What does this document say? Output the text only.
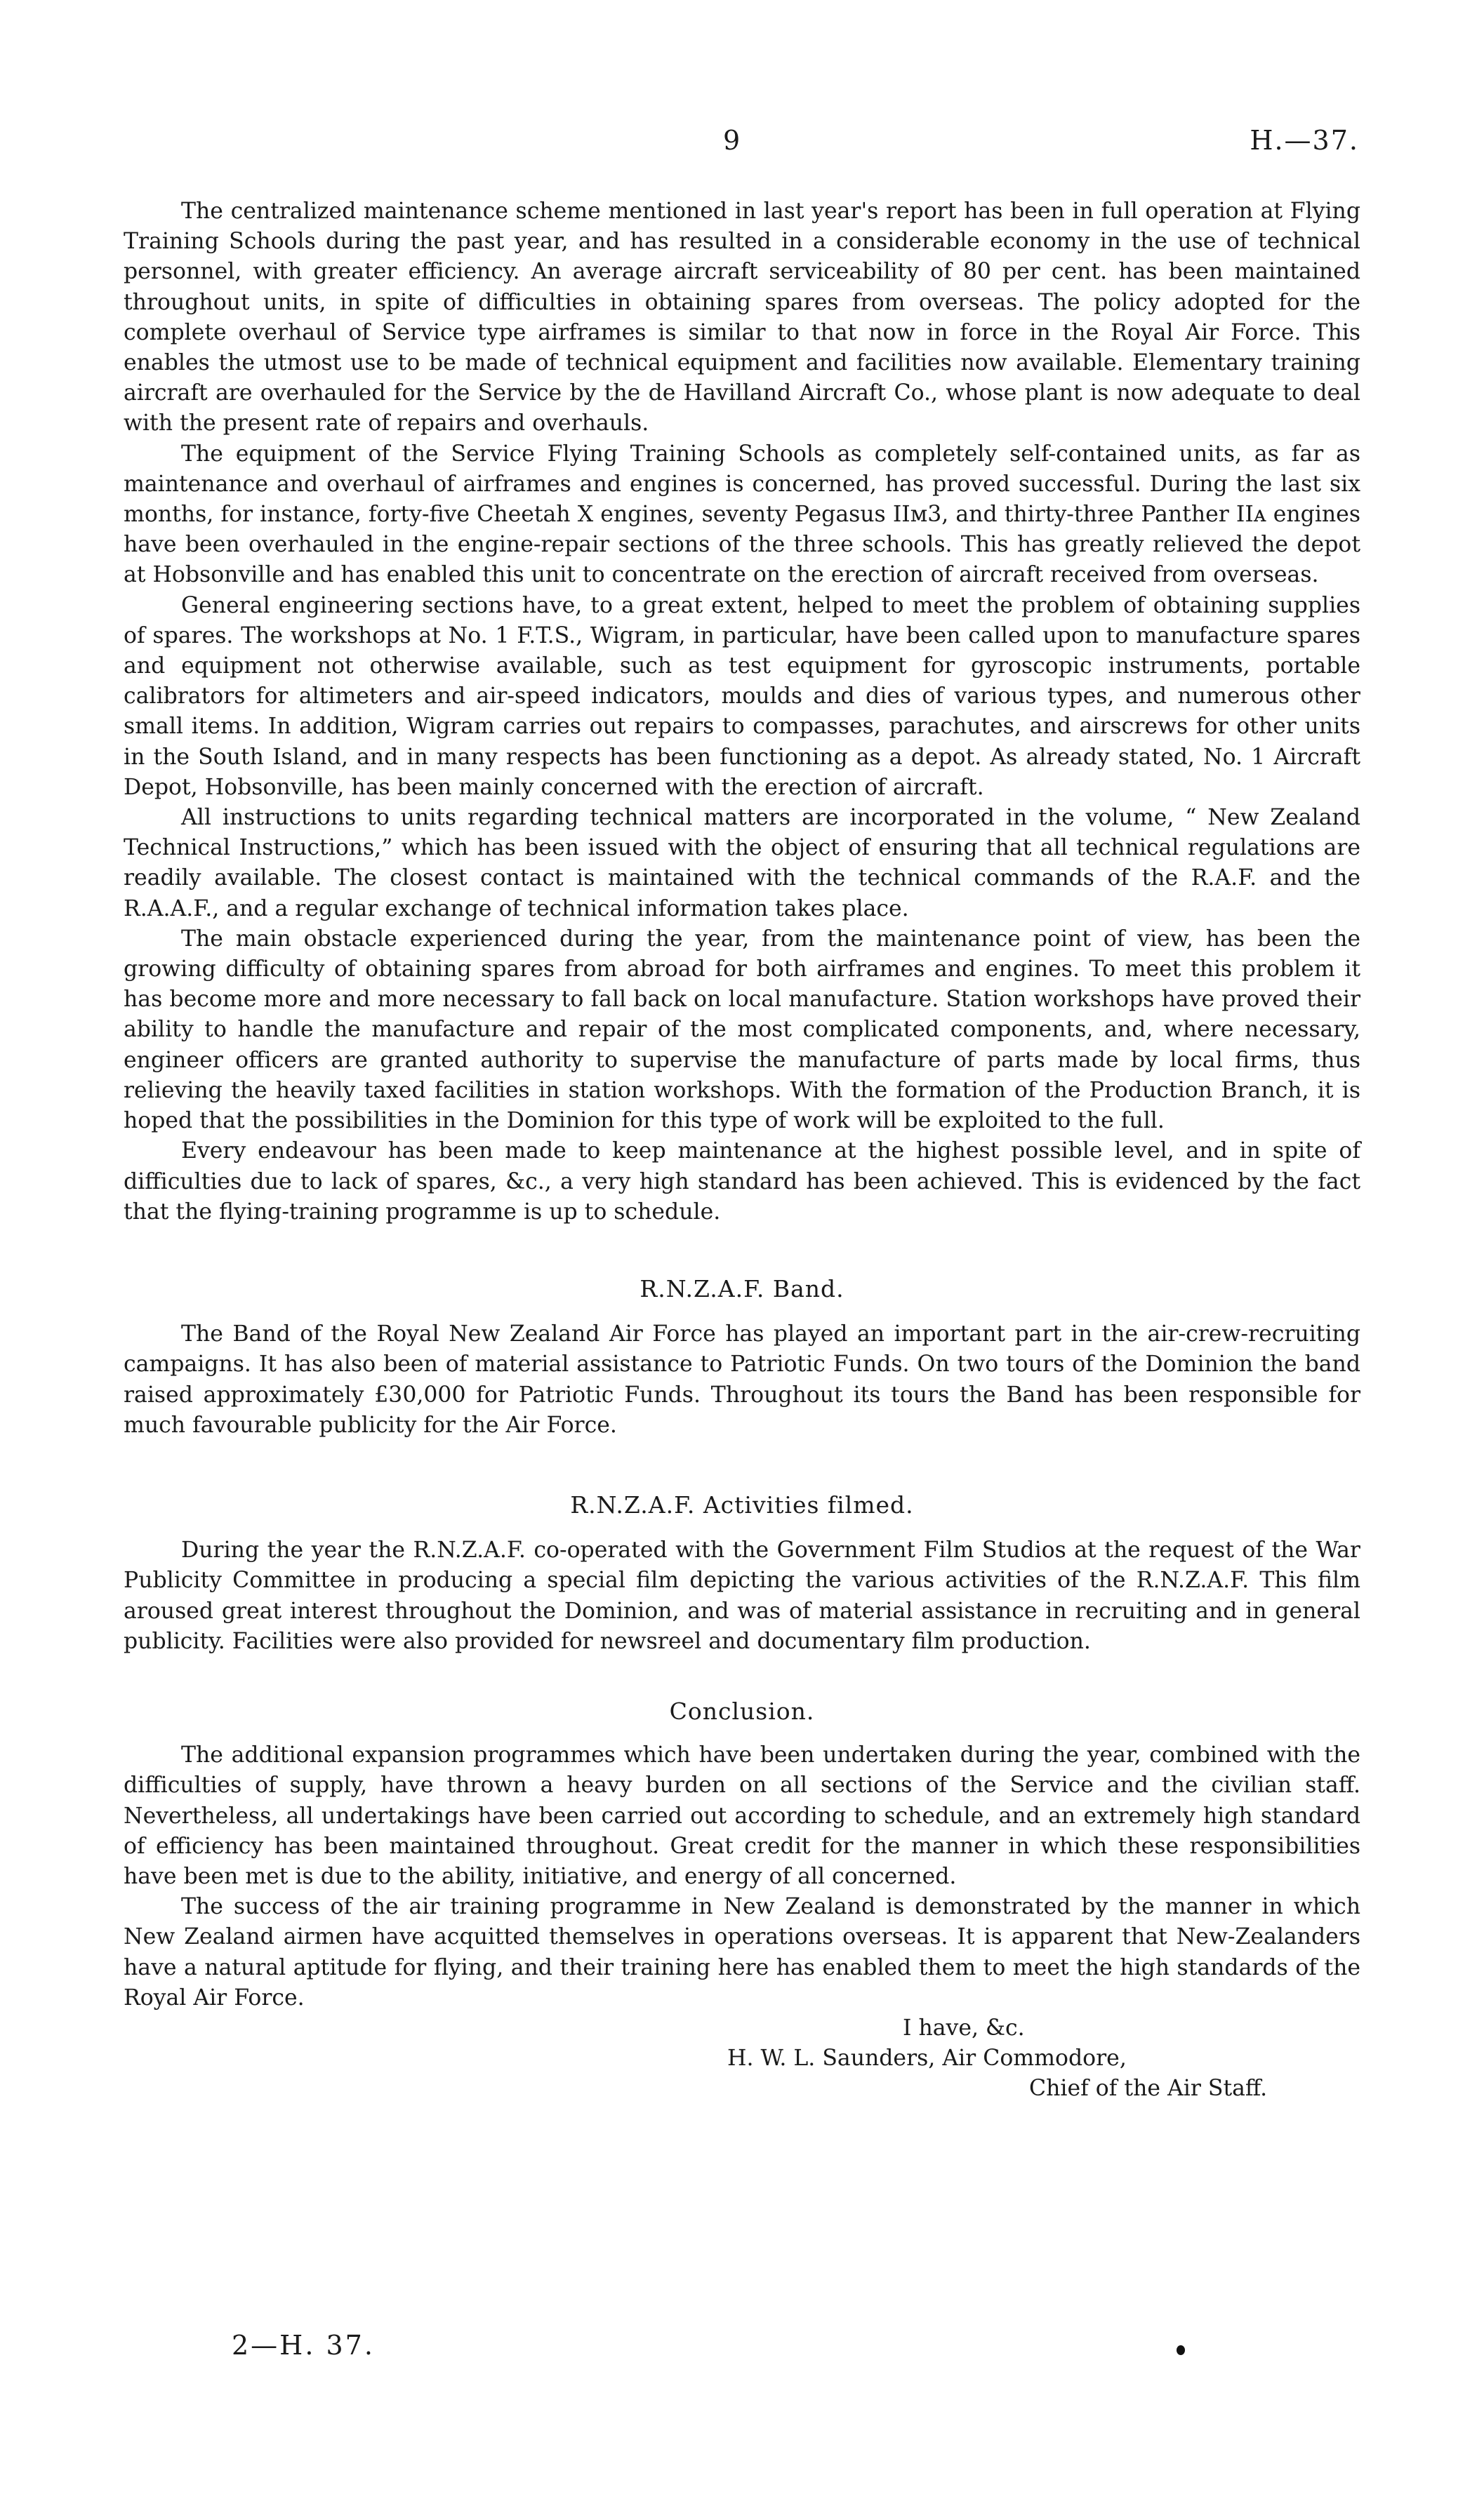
9	H.—37.

The centralized maintenance scheme mentioned in last year's report has been in full operation at Flying Training Schools during the past year, and has resulted in a considerable economy in the use of technical personnel, with greater efficiency. An average aircraft serviceability of 80 per cent. has been maintained throughout units, in spite of difficulties in obtaining spares from overseas. The policy adopted for the complete overhaul of Service type airframes is similar to that now in force in the Royal Air Force. This enables the utmost use to be made of technical equipment and facilities now available. Elementary training aircraft are overhauled for the Service by the de Havilland Aircraft Co., whose plant is now adequate to deal with the present rate of repairs and overhauls.

The equipment of the Service Flying Training Schools as completely self-contained units, as far as maintenance and overhaul of airframes and engines is concerned, has proved successful. During the last six months, for instance, forty-five Cheetah X engines, seventy Pegasus IIᴍ3, and thirty-three Panther IIᴀ engines have been overhauled in the engine-repair sections of the three schools. This has greatly relieved the depot at Hobsonville and has enabled this unit to concentrate on the erection of aircraft received from overseas.

General engineering sections have, to a great extent, helped to meet the problem of obtaining supplies of spares. The workshops at No. 1 F.T.S., Wigram, in particular, have been called upon to manufacture spares and equipment not otherwise available, such as test equipment for gyroscopic instruments, portable calibrators for altimeters and air-speed indicators, moulds and dies of various types, and numerous other small items. In addition, Wigram carries out repairs to compasses, parachutes, and airscrews for other units in the South Island, and in many respects has been functioning as a depot. As already stated, No. 1 Aircraft Depot, Hobsonville, has been mainly concerned with the erection of aircraft.

All instructions to units regarding technical matters are incorporated in the volume, “ New Zealand Technical Instructions,” which has been issued with the object of ensuring that all technical regulations are readily available. The closest contact is maintained with the technical commands of the R.A.F. and the R.A.A.F., and a regular exchange of technical information takes place.

The main obstacle experienced during the year, from the maintenance point of view, has been the growing difficulty of obtaining spares from abroad for both airframes and engines. To meet this problem it has become more and more necessary to fall back on local manufacture. Station workshops have proved their ability to handle the manufacture and repair of the most complicated components, and, where necessary, engineer officers are granted authority to supervise the manufacture of parts made by local firms, thus relieving the heavily taxed facilities in station workshops. With the formation of the Production Branch, it is hoped that the possibilities in the Dominion for this type of work will be exploited to the full.

Every endeavour has been made to keep maintenance at the highest possible level, and in spite of difficulties due to lack of spares, &c., a very high standard has been achieved. This is evidenced by the fact that the flying-training programme is up to schedule.

R.N.Z.A.F. Band.

The Band of the Royal New Zealand Air Force has played an important part in the air-crew-recruiting campaigns. It has also been of material assistance to Patriotic Funds. On two tours of the Dominion the band raised approximately £30,000 for Patriotic Funds. Throughout its tours the Band has been responsible for much favourable publicity for the Air Force.

R.N.Z.A.F. Activities filmed.

During the year the R.N.Z.A.F. co-operated with the Government Film Studios at the request of the War Publicity Committee in producing a special film depicting the various activities of the R.N.Z.A.F. This film aroused great interest throughout the Dominion, and was of material assistance in recruiting and in general publicity. Facilities were also provided for newsreel and documentary film production.

Conclusion.

The additional expansion programmes which have been undertaken during the year, combined with the difficulties of supply, have thrown a heavy burden on all sections of the Service and the civilian staff. Nevertheless, all undertakings have been carried out according to schedule, and an extremely high standard of efficiency has been maintained throughout. Great credit for the manner in which these responsibilities have been met is due to the ability, initiative, and energy of all concerned.

The success of the air training programme in New Zealand is demonstrated by the manner in which New Zealand airmen have acquitted themselves in operations overseas. It is apparent that New-Zealanders have a natural aptitude for flying, and their training here has enabled them to meet the high standards of the Royal Air Force.

I have, &c.

H. W. L. Saunders, Air Commodore,

Chief of the Air Staff.

2—H. 37.
